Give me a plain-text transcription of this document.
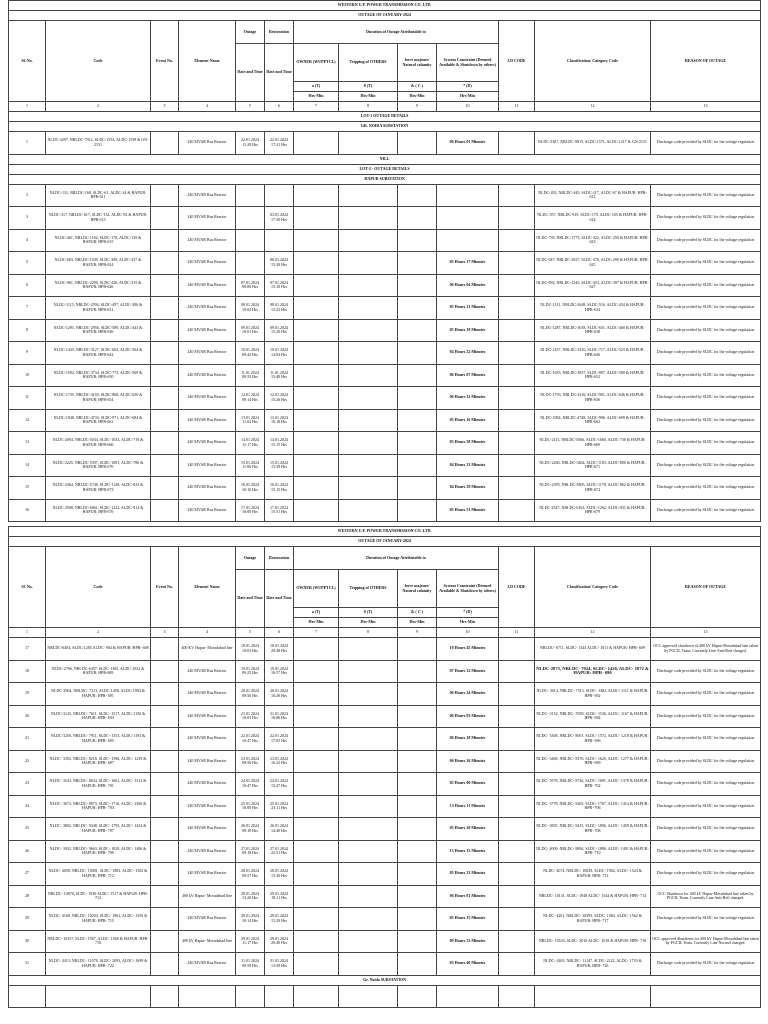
WESTERN U.P. POWER TRANSMISSION CO. LTD.												
OUTAGE OF JANUARY-2024												
Sl. No.	Code	Event No.	Element Name	Outage	Restoration	Duration of Outage Attributable to				LD CODE	Classification/ Category Code	REASON OF OUTAGE
				Date and Time	Date and Time	OWNER (WUPPTCL)	Tripping of OTHERS	force majeure/ Natural calamity	System Constraint (Deemed Available & Shutdown by others)			
						a (T)	θ (T)	& ( C )	* (D)			
						Hrs-Min	Hrs-Min	Hrs-Min	Hrs-Min			
1	2	3	4	5	6	7	8	9	10	11	12	13
LOT-1 OUTAGE DETAILS												
GR. NOIDA SUBSTATION												
1	NLDC-3297, NRLDC-7912, SLDC-1554, ALDC-1558 & GN-2151		240 MVAR Bus Reactor	22.01.2024 11:28 Hrs	22.01.2024 17:21 Hrs				06 Hours 01 Minutes		NLDC-3307, NRLDC-9815, SLDC-1571, ALDC-1217 & GN-2151	Discharge code provided by SLDC for the voltage regulation
NILL												
LOT-2 - OUTAGE DETAILS												
HAPUR SUBSTATION												
2	NLDC-131, NRLDC-168, SLDC-61, ALDC-34 & HAPUR: HPR-611		240 MVAR Bus Reactor								NLDC-283, NRLDC-445, SLDC-117, ALDC-67 & HAPUR: HPR-612	Discharge code provided by SLDC for the voltage regulation
3	NLDC-317, NRLDC-617, SLDC-134, ALDC-92 & HAPUR: HPR-613		240 MVAR Bus Reactor		03.01.2024 17:30 Hrs						NLDC-357, NRLDC-919, SLDC-179, ALDC-105 & HAPUR: HPR-614	Discharge code provided by SLDC for the voltage regulation
4	NLDC-461, NRLDC-1162, SLDC-178, ALDC-139 & HAPUR: HPR-615		240 MVAR Bus Reactor								NLDC-739, NRLDC-1773, SLDC-322, ALDC-250 & HAPUR: HPR-623	Discharge code provided by SLDC for the voltage regulation
5	NLDC-683, NRLDC-1949, SLDC-389, ALDC-257 & HAPUR: HPR-624		240 MVAR Bus Reactor		06.01.2024 15:28 Hrs				05 Hours 17 Minutes		NLDC-947, NRLDC-2827, SLDC-376, ALDC-290 & HAPUR: HPR-625	Discharge code provided by SLDC for the voltage regulation
6	NLDC-961, NRLDC-2290, SLDC-426, ALDC-315 & HAPUR: HPR-626		240 MVAR Bus Reactor	07.01.2024 09:06 Hrs	07.01.2024 15:10 Hrs				06 Hours 04 Minutes		NLDC-992, NRLDC-2345, SLDC-453, ALDC-397 & HAPUR: HPR-627	Discharge code provided by SLDC for the voltage regulation
7	NLDC-1115, NRLDC-2594, SLDC-497, ALDC-386 & HAPUR: HPR-631		240 MVAR Bus Reactor	08.01.2024 10:02 Hrs	08.01.2024 15:23 Hrs				05 Hours 21 Minutes		NLDC-1131, NRLDC-2648, SLDC-516, ALDC-434 & HAPUR: HPR-634	Discharge code provided by SLDC for the voltage regulation
8	NLDC-1291, NRLDC-2956, SLDC-589, ALDC-443 & HAPUR: HPR-636		240 MVAR Bus Reactor	09.01.2024 10:01 Hrs	09.01.2024 15:20 Hrs				05 Hours 19 Minutes		NLDC-1287, NRLDC-3018, SLDC-631, ALDC-460 & HAPUR: HPR-638	Discharge code provided by SLDC for the voltage regulation
9	NLDC-1435, NRLDC-3127, SLDC-662, ALDC-504 & HAPUR: HPR-642		240 MVAR Bus Reactor	10.01.2024 09:42 Hrs	10.01.2024 14:04 Hrs				04 Hours 22 Minutes		NLDC-1457, NRLDC-3410, SLDC-717, ALDC-523 & HAPUR: HPR-646	Discharge code provided by SLDC for the voltage regulation
10	NLDC-1582, NRLDC-3734, SLDC-775, ALDC-569 & HAPUR: HPR-650		240 MVAR Bus Reactor	11.01.2024 09:33 Hrs	11.01.2024 15:40 Hrs				06 Hours 07 Minutes		NLDC-1633, NRLDC-3837, SLDC-807, ALDC-580 & HAPUR: HPR-652	Discharge code provided by SLDC for the voltage regulation
11	NLDC-1735, NRLDC-4103, SLDC-868, ALDC-620 & HAPUR: HPR-654		240 MVAR Bus Reactor	12.01.2024 09:14 Hrs	12.01.2024 15:26 Hrs				06 Hours 12 Minutes		NLDC-1793, NRLDC-4116, SLDC-901, ALDC-646 & HAPUR: HPR-656	Discharge code provided by SLDC for the voltage regulation
12	NLDC-1948, NRLDC-4733, SLDC-971, ALDC-684 & HAPUR: HPR-661		240 MVAR Bus Reactor	13.01.2024 11:02 Hrs	13.01.2024 16:18 Hrs				05 Hours 16 Minutes		NLDC-1984, NRLDC-4748, SLDC-996, ALDC-699 & HAPUR: HPR-663	Discharge code provided by SLDC for the voltage regulation
13	NLDC-2094, NRLDC-5034, SLDC-1033, ALDC-719 & HAPUR: HPR-666		240 MVAR Bus Reactor	14.01.2024 11:17 Hrs	14.01.2024 15:15 Hrs				03 Hours 58 Minutes		NLDC-2113, NRLDC-5066, SLDC-1060, ALDC-730 & HAPUR: HPR-669	Discharge code provided by SLDC for the voltage regulation
14	NLDC-2225, NRLDC-5397, SLDC-1081, ALDC-780 & HAPUR: HPR-670		240 MVAR Bus Reactor	15.01.2024 11:06 Hrs	15.01.2024 15:39 Hrs				04 Hours 33 Minutes		NLDC-2260, NRLDC-5464, SLDC-1103, ALDC-800 & HAPUR: HPR-671	Discharge code provided by SLDC for the voltage regulation
15	NLDC-2364, NRLDC-5748, SLDC-1148, ALDC-833 & HAPUR: HPR-673		240 MVAR Bus Reactor	16.01.2024 10:16 Hrs	16.01.2024 15:15 Hrs				04 Hours 59 Minutes		NLDC-2395, NRLDC-5805, SLDC-1178, ALDC-862 & HAPUR: HPR-674	Discharge code provided by SLDC for the voltage regulation
16	NLDC-2508, NRLDC-6061, SLDC-1222, ALDC-912 & HAPUR: HPR-676		240 MVAR Bus Reactor	17.01.2024 10:00 Hrs	17.01.2024 15:51 Hrs				05 Hours 51 Minutes		NLDC-2547, NRLDC-6163, SLDC-1262, ALDC-931 & HAPUR: HPR-679	Discharge code provided by SLDC for the voltage regulation
WESTERN U.P. POWER TRANSMISSION CO. LTD.												
OUTAGE OF JANUARY-2024												
Sl. No.	Code	Event No.	Element Name	Outage	Restoration	Duration of Outage Attributable to				LD CODE	Classification/ Category Code	REASON OF OUTAGE
				Date and Time	Date and Time	OWNER (WUPPTCL)	Tripping of OTHERS	force majeure/ Natural calamity	System Constraint (Deemed Available & Shutdown by others)			
						a (T)	θ (T)	& ( C )	* (D)			
						Hrs-Min	Hrs-Min	Hrs-Min	Hrs-Min			
1	2	3	4	5	6	7	8	9	10	11	12	13
17	NRLDC-6404, SLDC-1285 ALDC- 904 & HAPUR: HPR- 608		400 KV Hapur- Moradabad line	18.01.2024 10:03 Hrs	18.01.2024 20:48 Hrs				10 Hours 45 Minutes		NRLDC- 6711, SLDC- 1344 ALDC- 1011 & HAPUR: HPR- 609	OCC approved shutdown of 400 kV Hapur-Moradabad line taken by PGCIL Team. Currently Line Anti-Reif charged.
18	NLDC-2766, NRLDC-6457, SLDC-1305, ALDC-1032 & HAPUR: HPR-689		240 MVAR Bus Reactor	19.01.2024 09:25 Hrs	19.01.2024 16:57 Hrs				07 Hours 32 Minutes		NLDC-2875, NRLDC- 7024, SLDC- 1426, ALDC- 1072 & HAPUR: HPR- 690	Discharge code provided by SLDC for the voltage regulation
19	NLDC-2964, NRLDC- 7213, SLDC-1458, ALDC-1094 & HAPUR: HPR- 691		240 MVAR Bus Reactor	20.01.2024 09:56 Hrs	20.01.2024 16:20 Hrs				06 Hours 24 Minutes		NLDC- 3014, NRLDC- 7313, SLDC- 1482, ALDC- 1111 & HAPUR: HPR- 692	Discharge code provided by SLDC for the voltage regulation
20	NLDC-3125, NRLDC- 7611, SLDC- 1517, ALDC-1156 & HAPUR: HPR- 693		240 MVAR Bus Reactor	21.01.2024 10:03 Hrs	21.01.2024 16:06 Hrs				06 Hours 03 Minutes		NLDC- 3152, NRLDC- 7659, SLDC- 1526, ALDC- 1167 & HAPUR: HPR- 694	Discharge code provided by SLDC for the voltage regulation
21	NLDC-3256, NRLDC- 7911, SLDC- 1553, ALDC-1193 & HAPUR: HPR- 695		240 MVAR Bus Reactor	22.01.2024 10:47 Hrs	22.01.2024 17:05 Hrs				06 Hours 18 Minutes		NLDC- 3308, NRLDC- 8001, SLDC- 1572, ALDC- 1218 & HAPUR: HPR- 696	Discharge code provided by SLDC for the voltage regulation
22	NLDC- 3392, NRLDC- 8218, SLDC- 1596, ALDC- 1239 & HAPUR: HPR- 697		240 MVAR Bus Reactor	23.01.2024 09:56 Hrs	23.01.2024 16:22 Hrs				06 Hours 26 Minutes		NLDC- 3468, NRLDC- 8376, SLDC- 1620, ALDC- 1277 & HAPUR: HPR- 699	Discharge code provided by SLDC for the voltage regulation
23	NLDC- 3543, NRLDC- 8634, SLDC- 1661, ALDC- 1312 & HAPUR: HPR- 701		240 MVAR Bus Reactor	24.01.2024 10:47 Hrs	24.01.2024 15:47 Hrs				05 Hours 00 Minutes		NLDC- 3578, NRLDC- 8726, SLDC- 1681, ALDC- 1378 & HAPUR: HPR- 702	Discharge code provided by SLDC for the voltage regulation
24	NLDC- 3673, NRLDC- 8973, SLDC- 1716, ALDC- 1368 & HAPUR: HPR- 703		240 MVAR Bus Reactor	25.01.2024 10:00 Hrs	25.01.2024 23:11 Hrs				13 Hours 11 Minutes		NLDC- 3778, NRLDC- 9265, SLDC- 1767, ALDC- 1414 & HAPUR: HPR- 706	Discharge code provided by SLDC for the voltage regulation
25	NLDC- 3802, NRLDC- 9348, SLDC- 1795, ALDC- 1434 & HAPUR: HPR- 707		240 MVAR Bus Reactor	26.01.2024 09:10 Hrs	26.01.2024 14:40 Hrs				05 Hours 30 Minutes		NLDC- 3835, NRLDC- 9415, SLDC- 1806, ALDC- 1459 & HAPUR: HPR- 708	Discharge code provided by SLDC for the voltage regulation
26	NLDC- 3932, NRLDC- 9663, SLDC- 1829, ALDC- 1486 & HAPUR: HPR- 709		240 MVAR Bus Reactor	27.01.2024 09:18 Hrs	27.01.2024 22:51 Hrs				13 Hours 33 Minutes		NLDC- 4009, NRLDC- 9894, SLDC- 1886, ALDC- 1491 & HAPUR: HPR- 710	Discharge code provided by SLDC for the voltage regulation
27	NLDC- 4058, NRLDC- 10001, SLDC- 1883, ALDC- 1502 & HAPUR: HPR- 712		240 MVAR Bus Reactor	28.01.2024 09:57 Hrs	28.01.2024 15:30 Hrs				05 Hours 33 Minutes		NLDC- 4074, NRLDC- 10029, SLDC- 1902, ALDC- 1524 & HAPUR: HPR- 713	Discharge code provided by SLDC for the voltage regulation
28	NRLDC- 10070, SLDC- 1920 ALDC- 1517 & HAPUR: HPR- 712		400 kV Hapur- Moradabad line	28.01.2024 13:20 Hrs	29.01.2024 19:11 Hrs				06 Hours 01 Minutes		NRLDC- 10131, SLDC- 1948 ALDC- 1544 & HAPUR: HPR- 714	OCC Shutdown for 400 kV Hapur-Moradabad line taken by PGCIL Team. Currently Line Anti-Reif charged.
29	NLDC- 4168, NRLDC- 10204, SLDC- 1961, ALDC- 1550 & HAPUR: HPR- 715		240 MVAR Bus Reactor	29.01.2024 10:14 Hrs	29.01.2024 15:29 Hrs				05 Hours 15 Minutes		NLDC- 4201, NRLDC- 10393, SLDC- 1984, ALDC- 1562 & HAPUR: HPR- 717	Discharge code provided by SLDC for the voltage regulation
30	NRLDC- 10357, SLDC- 1967, ALDC- 1568 & HAPUR: HPR- 716		400 kV Hapur- Moradabad line	29.01.2024 11:17 Hrs	29.01.2024 20:40 Hrs				09 Hours 23 Minutes		NRLDC- 10533, SLDC- 2016 ALDC- 1618 & HAPUR: HPR- 718	OCC approved Shutdown for 400 kV Hapur-Moradabad line taken by PGCIL Team. Currently Line Normal charged.
31	NLDC- 4413, NRLDC- 11078, SLDC- 2093, ALDC- 1699 & HAPUR: HPR- 722		240 MVAR Bus Reactor	31.01.2024 09:59 Hrs	31.01.2024 13:39 Hrs				03 Hours 40 Minutes		NLDC- 4463, NRLDC- 11147, SLDC- 2122, ALDC- 1733 & HAPUR: HPR- 726	Discharge code provided by SLDC for the voltage regulation
Gr. Noida SUBSTATION												
